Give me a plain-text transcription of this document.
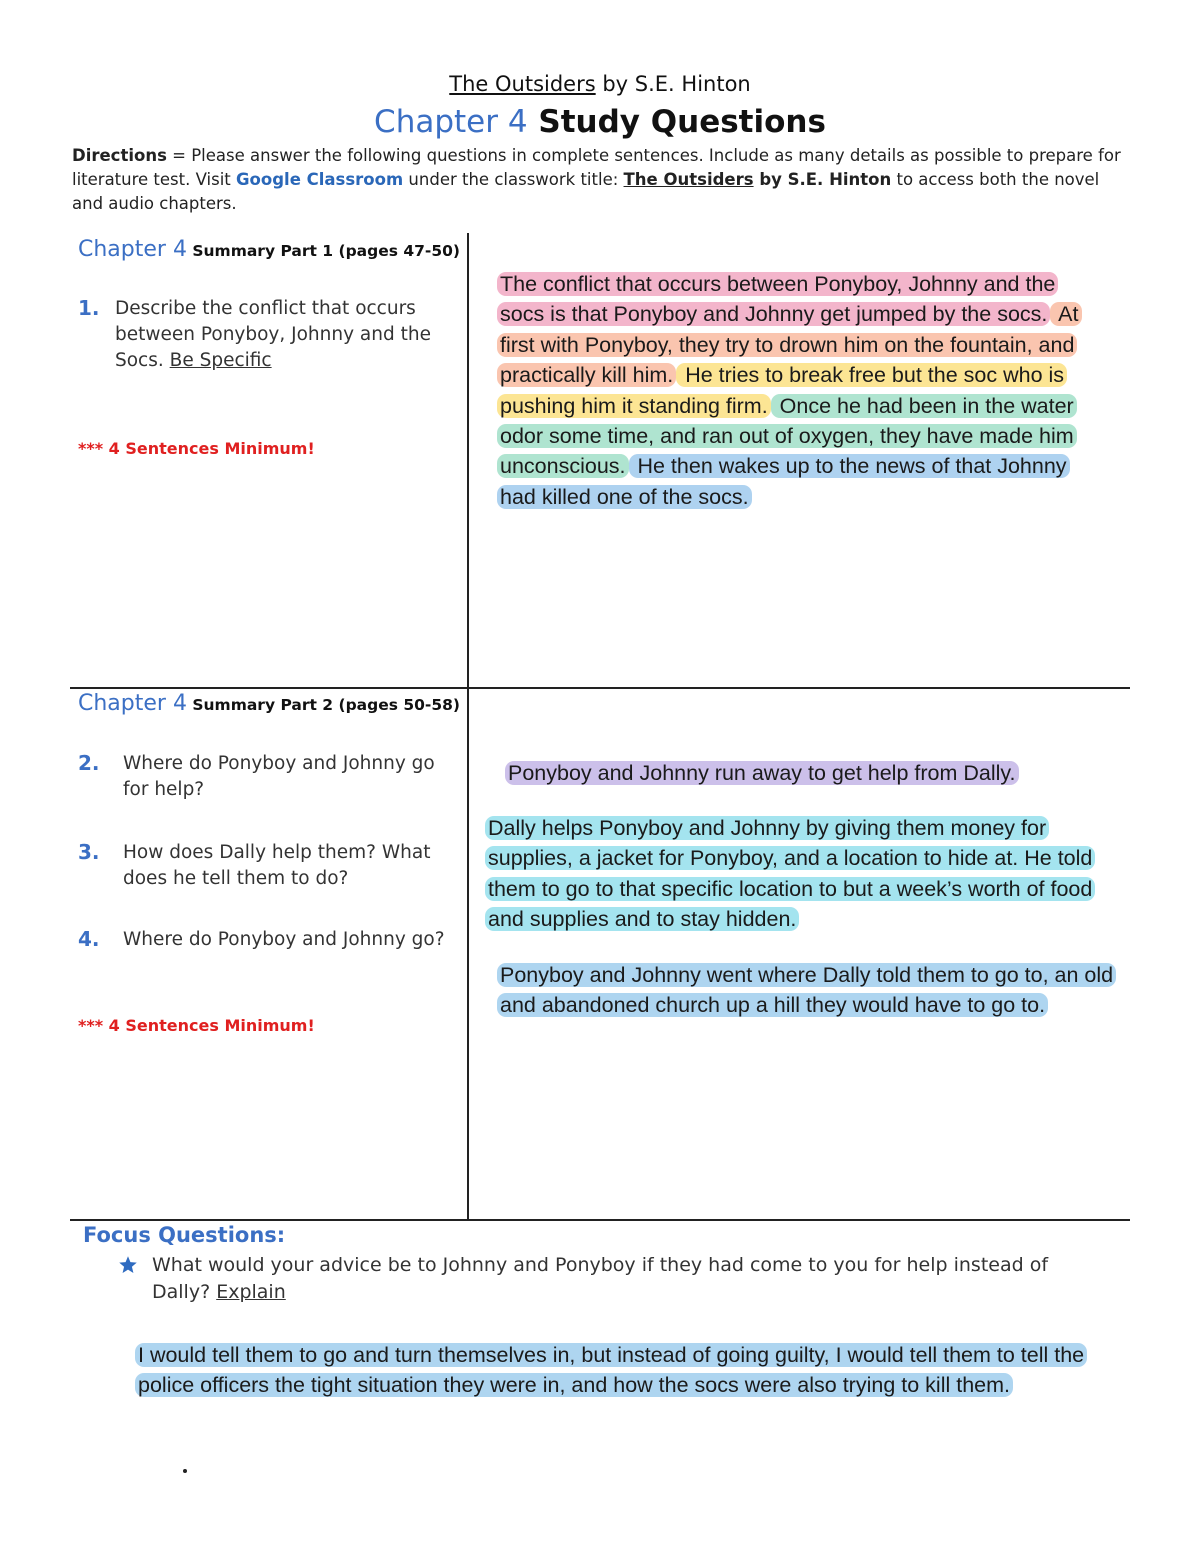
The Outsiders by S.E. Hinton
Chapter 4 Study Questions
Directions = Please answer the following questions in complete sentences. Include as many details as possible to prepare for literature test. Visit Google Classroom under the classwork title: The Outsiders by S.E. Hinton to access both the novel and audio chapters.
Chapter 4 Summary Part 1 (pages 47-50)
1. Describe the conflict that occurs between Ponyboy, Johnny and the Socs. Be Specific
*** 4 Sentences Minimum!
The conflict that occurs between Ponyboy, Johnny and the socs is that Ponyboy and Johnny get jumped by the socs. At first with Ponyboy, they try to drown him on the fountain, and practically kill him. He tries to break free but the soc who is pushing him it standing firm. Once he had been in the water odor some time, and ran out of oxygen, they have made him unconscious. He then wakes up to the news of that Johnny had killed one of the socs.
Chapter 4 Summary Part 2 (pages 50-58)
2. Where do Ponyboy and Johnny go for help?
3. How does Dally help them? What does he tell them to do?
4. Where do Ponyboy and Johnny go?
*** 4 Sentences Minimum!
Ponyboy and Johnny run away to get help from Dally.
Dally helps Ponyboy and Johnny by giving them money for supplies, a jacket for Ponyboy, and a location to hide at. He told them to go to that specific location to but a week’s worth of food and supplies and to stay hidden.
Ponyboy and Johnny went where Dally told them to go to, an old and abandoned church up a hill they would have to go to.
Focus Questions:
What would your advice be to Johnny and Ponyboy if they had come to you for help instead of Dally? Explain
I would tell them to go and turn themselves in, but instead of going guilty, I would tell them to tell the police officers the tight situation they were in, and how the socs were also trying to kill them.
